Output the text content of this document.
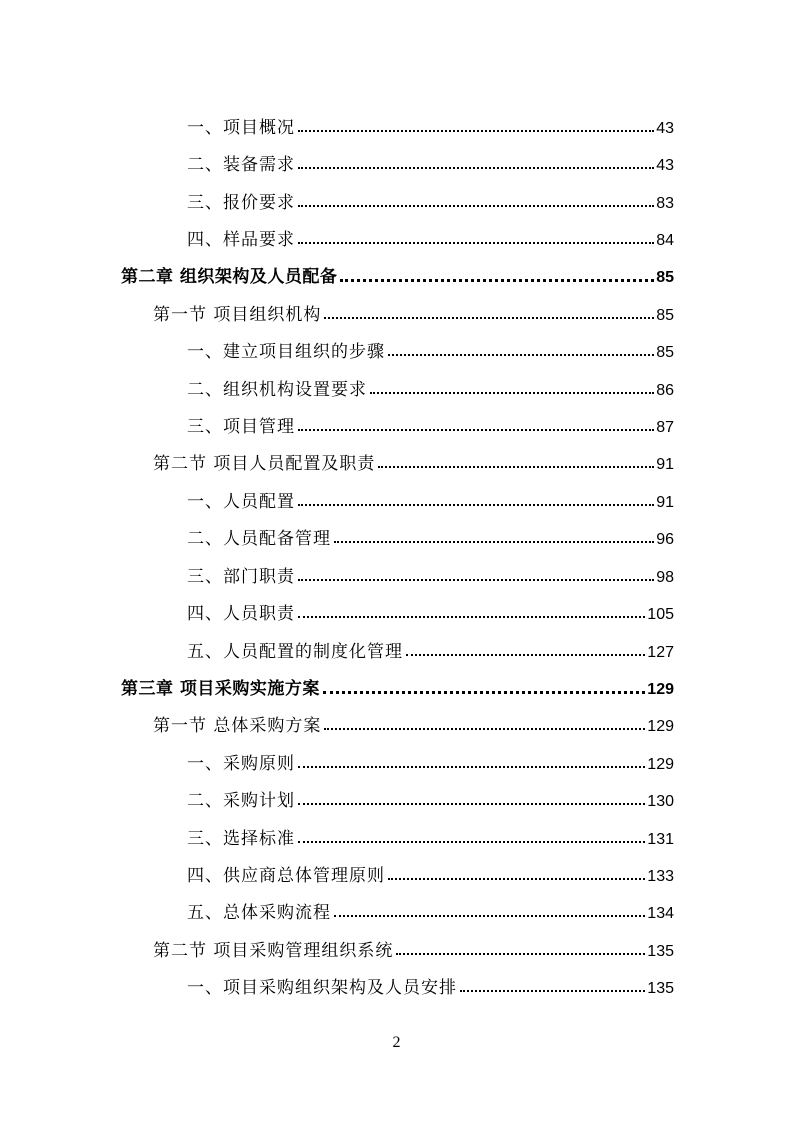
一、项目概况	43
二、装备需求	43
三、报价要求	83
四、样品要求	84
第二章 组织架构及人员配备	85
第一节 项目组织机构	85
一、建立项目组织的步骤	85
二、组织机构设置要求	86
三、项目管理	87
第二节 项目人员配置及职责	91
一、人员配置	91
二、人员配备管理	96
三、部门职责	98
四、人员职责	105
五、人员配置的制度化管理	127
第三章 项目采购实施方案	129
第一节 总体采购方案	129
一、采购原则	129
二、采购计划	130
三、选择标准	131
四、供应商总体管理原则	133
五、总体采购流程	134
第二节 项目采购管理组织系统	135
一、项目采购组织架构及人员安排	135
2
